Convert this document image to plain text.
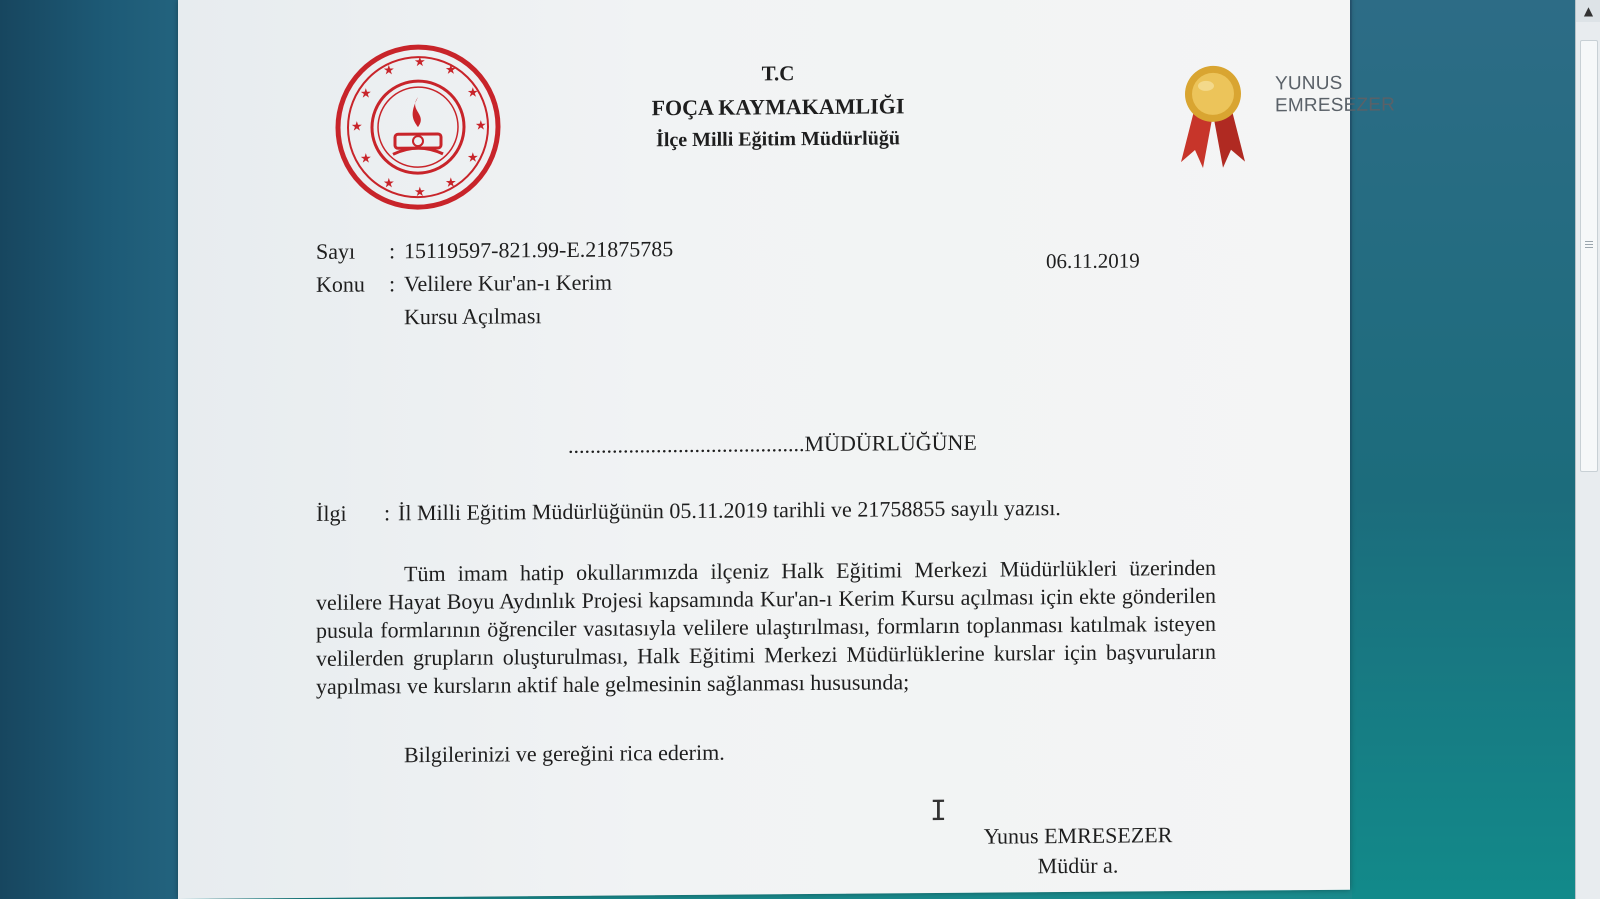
★
★
★
★
★
★
★
★
★
★
★
★	T.C
FOÇA KAYMAKAMLIĞI
İlçe Milli Eğitim Müdürlüğü
YUNUS EMRESEZER
Sayı : 15119597-821.99-E.21875785
Konu : Velilere Kur'an-ı Kerim
Kursu Açılması
06.11.2019
...........................................MÜDÜRLÜĞÜNE
İlgi : İl Milli Eğitim Müdürlüğünün 05.11.2019 tarihli ve 21758855 sayılı yazısı.
Tüm imam hatip okullarımızda ilçeniz Halk Eğitimi Merkezi Müdürlükleri üzerinden velilere Hayat Boyu Aydınlık Projesi kapsamında Kur'an-ı Kerim Kursu açılması için ekte gönderilen pusula formlarının öğrenciler vasıtasıyla velilere ulaştırılması, formların toplanması katılmak isteyen velilerden grupların oluşturulması, Halk Eğitimi Merkezi Müdürlüklerine kurslar için başvuruların yapılması ve kursların aktif hale gelmesinin sağlanması hususunda;
Bilgilerinizi ve gereğini rica ederim.
I
Yunus EMRESEZER
Müdür a.
▲
